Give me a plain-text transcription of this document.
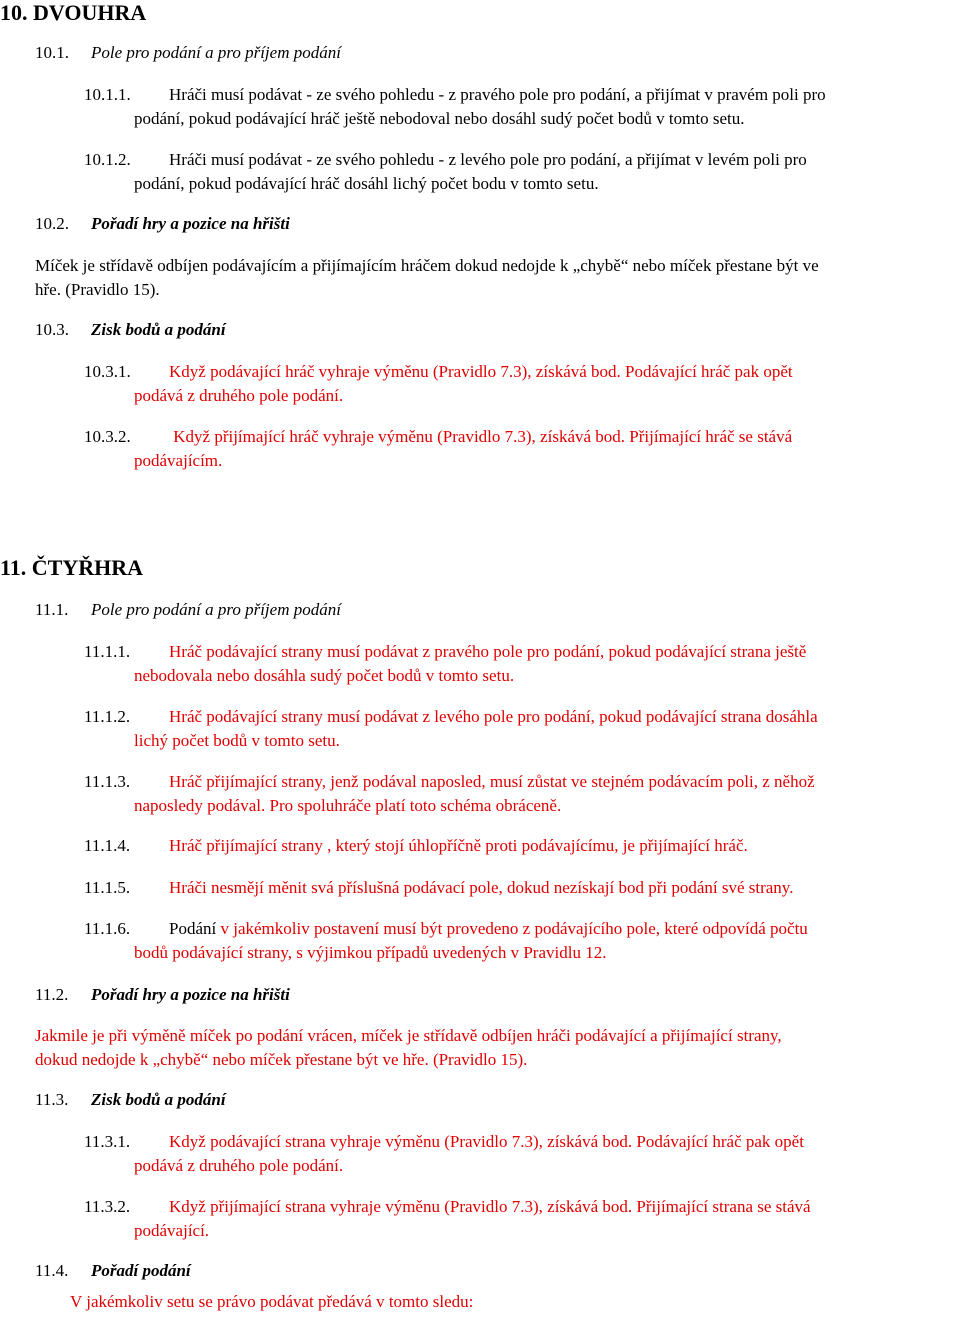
10. DVOUHRA
10.1. Pole pro podání a pro příjem podání
10.1.1. Hráči musí podávat - ze svého pohledu - z pravého pole pro podání, a přijímat v pravém poli pro
podání, pokud podávající hráč ještě nebodoval nebo dosáhl sudý počet bodů v tomto setu.
10.1.2. Hráči musí podávat - ze svého pohledu - z levého pole pro podání, a přijímat v levém poli pro
podání, pokud podávající hráč dosáhl lichý počet bodu v tomto setu.
10.2. Pořadí hry a pozice na hřišti
Míček je střídavě odbíjen podávajícím a přijímajícím hráčem dokud nedojde k „chybě“ nebo míček přestane být ve
hře. (Pravidlo 15).
10.3. Zisk bodů a podání
10.3.1. Když podávající hráč vyhraje výměnu (Pravidlo 7.3), získává bod. Podávající hráč pak opět
podává z druhého pole podání.
10.3.2. Když přijímající hráč vyhraje výměnu (Pravidlo 7.3), získává bod. Přijímající hráč se stává
podávajícím.
11. ČTYŘHRA
11.1. Pole pro podání a pro příjem podání
11.1.1. Hráč podávající strany musí podávat z pravého pole pro podání, pokud podávající strana ještě
nebodovala nebo dosáhla sudý počet bodů v tomto setu.
11.1.2. Hráč podávající strany musí podávat z levého pole pro podání, pokud podávající strana dosáhla
lichý počet bodů v tomto setu.
11.1.3. Hráč přijímající strany, jenž podával naposled, musí zůstat ve stejném podávacím poli, z něhož
naposledy podával. Pro spoluhráče platí toto schéma obráceně.
11.1.4. Hráč přijímající strany , který stojí úhlopříčně proti podávajícímu, je přijímající hráč.
11.1.5. Hráči nesmějí měnit svá příslušná podávací pole, dokud nezískají bod při podání své strany.
11.1.6. Podání v jakémkoliv postavení musí být provedeno z podávajícího pole, které odpovídá počtu
bodů podávající strany, s výjimkou případů uvedených v Pravidlu 12.
11.2. Pořadí hry a pozice na hřišti
Jakmile je při výměně míček po podání vrácen, míček je střídavě odbíjen hráči podávající a přijímající strany,
dokud nedojde k „chybě“ nebo míček přestane být ve hře. (Pravidlo 15).
11.3. Zisk bodů a podání
11.3.1. Když podávající strana vyhraje výměnu (Pravidlo 7.3), získává bod. Podávající hráč pak opět
podává z druhého pole podání.
11.3.2. Když přijímající strana vyhraje výměnu (Pravidlo 7.3), získává bod. Přijímající strana se stává
podávající.
11.4. Pořadí podání
V jakémkoliv setu se právo podávat předává v tomto sledu:
